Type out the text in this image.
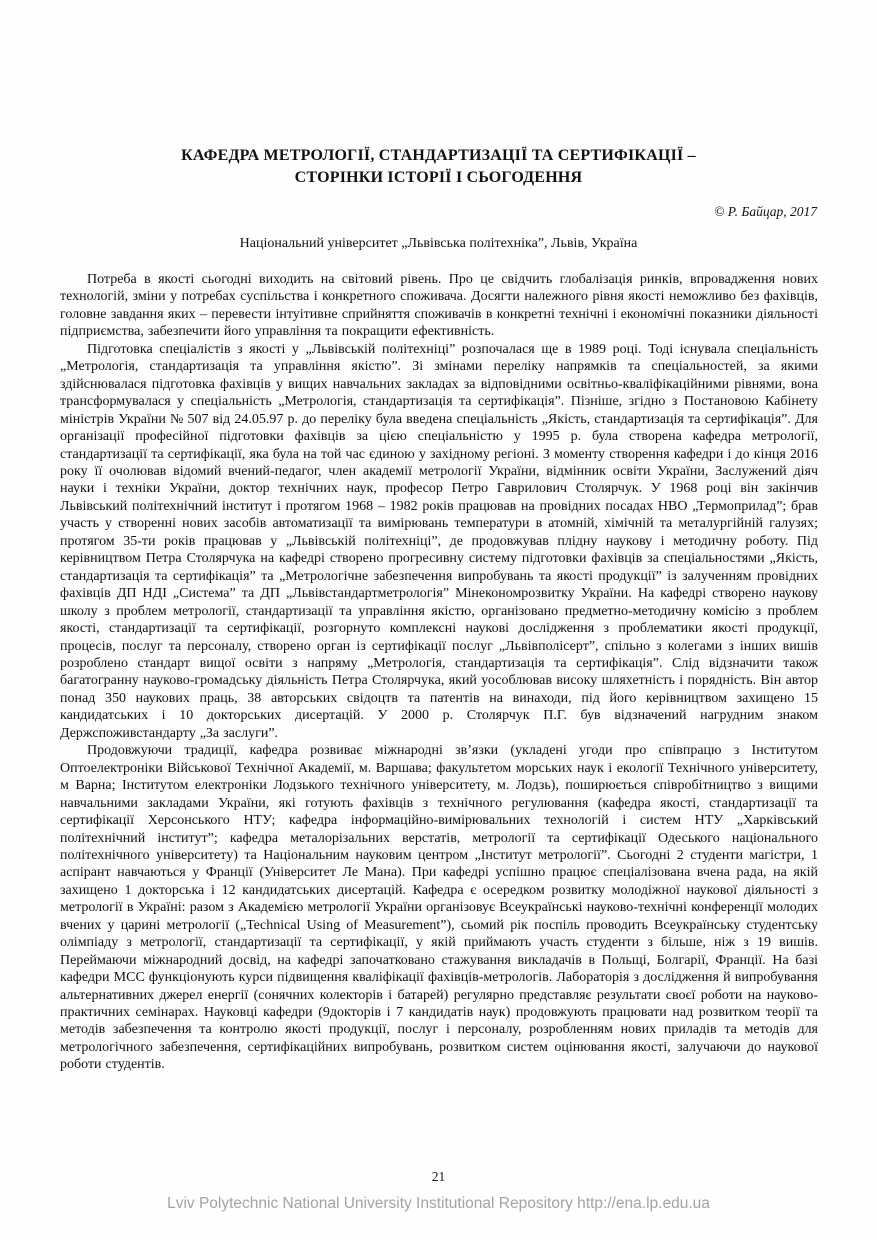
КАФЕДРА МЕТРОЛОГІЇ, СТАНДАРТИЗАЦІЇ ТА СЕРТИФІКАЦІЇ –
СТОРІНКИ ІСТОРІЇ І СЬОГОДЕННЯ
© Р. Байцар, 2017
Національний університет „Львівська політехніка”, Львів, Україна

Потреба в якості сьогодні виходить на світовий рівень. Про це свідчить глобалізація ринків, впровадження нових технологій, зміни у потребах суспільства і конкретного споживача. Досягти належного рівня якості неможливо без фахівців, головне завдання яких – перевести інтуітивне сприйняття споживачів в конкретні технічні і економічні показники діяльності підприємства, забезпечити його управління та покращити ефективність.

Підготовка спеціалістів з якості у „Львівській політехніці” розпочалася ще в 1989 році. Тоді існувала спеціальність „Метрологія, стандартизація та управління якістю”. Зі змінами переліку напрямків та спеціальностей, за якими здійснювалася підготовка фахівців у вищих навчальних закладах за відповідними освітньо-кваліфікаційними рівнями, вона трансформувалася у спеціальність „Метрологія, стандартизація та сертифікація”. Пізніше, згідно з Постановою Кабінету міністрів України № 507 від 24.05.97 р. до переліку була введена спеціальність „Якість, стандартизація та сертифікація”. Для організації професійної підготовки фахівців за цією спеціальністю у 1995 р. була створена кафедра метрології, стандартизації та сертифікації, яка була на той час єдиною у західному регіоні. З моменту створення кафедри і до кінця 2016 року її очолював відомий вчений-педагог, член академії метрології України, відмінник освіти України, Заслужений діяч науки і техніки України, доктор технічних наук, професор Петро Гаврилович Столярчук. У 1968 році він закінчив Львівський політехнічний інститут і протягом 1968 – 1982 років працював на провідних посадах НВО „Термоприлад”; брав участь у створенні нових засобів автоматизації та вимірювань температури в атомній, хімічній та металургійній галузях; протягом 35-ти років працював у „Львівській політехніці”, де продовжував плідну наукову і методичну роботу. Під керівництвом Петра Столярчука на кафедрі створено прогресивну систему підготовки фахівців за спеціальностями „Якість, стандартизація та сертифікація” та „Метрологічне забезпечення випробувань та якості продукції” із залученням провідних фахівців ДП НДІ „Система” та ДП „Львівстандартметрологія” Мінекономрозвитку України. На кафедрі створено наукову школу з проблем метрології, стандартизації та управління якістю, організовано предметно-методичну комісію з проблем якості, стандартизації та сертифікації, розгорнуто комплексні наукові дослідження з проблематики якості продукції, процесів, послуг та персоналу, створено орган із сертифікації послуг „Львівполісерт”, спільно з колегами з інших вишів розроблено стандарт вищої освіти з напряму „Метрологія, стандартизація та сертифікація”. Слід відзначити також багатогранну науково-громадську діяльність Петра Столярчука, який уособлював високу шляхетність і порядність. Він автор понад 350 наукових праць, 38 авторських свідоцтв та патентів на винаходи, під його керівництвом захищено 15 кандидатських і 10 докторських дисертацій. У 2000 р. Столярчук П.Г. був відзначений нагрудним знаком Держспоживстандарту „За заслуги”.

Продовжуючи традиції, кафедра розвиває міжнародні зв’язки (укладені угоди про співпрацю з Інститутом Оптоелектроніки Військової Технічної Академії, м. Варшава; факультетом морських наук і екології Технічного університету, м Варна; Інститутом електроніки Лодзького технічного університету, м. Лодзь), поширюється співробітництво з вищими навчальними закладами України, які готують фахівців з технічного регулювання (кафедра якості, стандартизації та сертифікації Херсонського НТУ; кафедра інформаційно-вимірювальних технологій і систем НТУ „Харківський політехнічний інститут”; кафедра металорізальних верстатів, метрології та сертифікації Одеського національного політехнічного університету) та Національним науковим центром „Інститут метрології”. Сьогодні 2 студенти магістри, 1 аспірант навчаються у Франції (Університет Ле Мана). При кафедрі успішно працює спеціалізована вчена рада, на якій захищено 1 докторська і 12 кандидатських дисертацій. Кафедра є осередком розвитку молодіжної наукової діяльності з метрології в Україні: разом з Академією метрології України організовує Всеукраїнські науково-технічні конференції молодих вчених у царині метрології („Technical Using of Measurement”), сьомий рік поспіль проводить Всеукраїнську студентську олімпіаду з метрології, стандартизації та сертифікації, у якій приймають участь студенти з більше, ніж з 19 вишів. Переймаючи міжнародний досвід, на кафедрі започатковано стажування викладачів в Польщі, Болгарії, Франції. На базі кафедри МСС функціонують курси підвищення кваліфікації фахівців-метрологів. Лабораторія з дослідження й випробування альтернативних джерел енергії (сонячних колекторів і батарей) регулярно представляє результати своєї роботи на науково-практичних семінарах. Науковці кафедри (9докторів і 7 кандидатів наук) продовжують працювати над розвитком теорії та методів забезпечення та контролю якості продукції, послуг і персоналу, розробленням нових приладів та методів для метрологічного забезпечення, сертифікаційних випробувань, розвитком систем оцінювання якості, залучаючи до наукової роботи студентів.

21
Lviv Polytechnic National University Institutional Repository http://ena.lp.edu.ua
